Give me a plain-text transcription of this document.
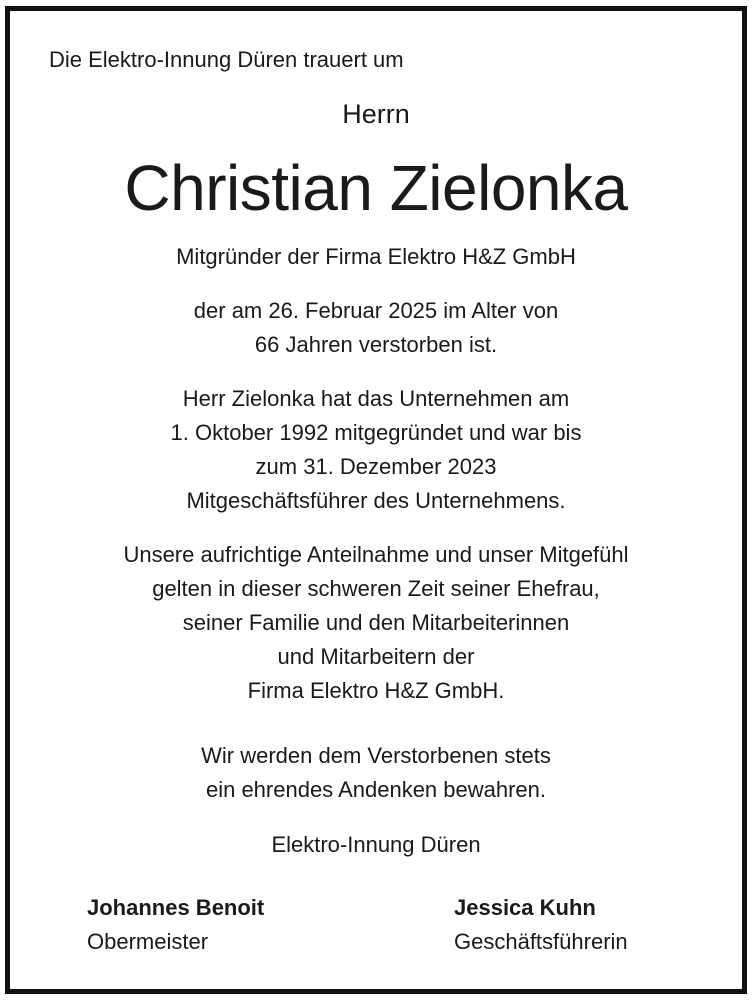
Die Elektro-Innung Düren trauert um
Herrn
Christian Zielonka
Mitgründer der Firma Elektro H&Z GmbH
der am 26. Februar 2025 im Alter von
66 Jahren verstorben ist.
Herr Zielonka hat das Unternehmen am
1. Oktober 1992 mitgegründet und war bis
zum 31. Dezember 2023
Mitgeschäftsführer des Unternehmens.
Unsere aufrichtige Anteilnahme und unser Mitgefühl
gelten in dieser schweren Zeit seiner Ehefrau,
seiner Familie und den Mitarbeiterinnen
und Mitarbeitern der
Firma Elektro H&Z GmbH.
Wir werden dem Verstorbenen stets
ein ehrendes Andenken bewahren.
Elektro-Innung Düren
Johannes Benoit
Obermeister
Jessica Kuhn
Geschäftsführerin
